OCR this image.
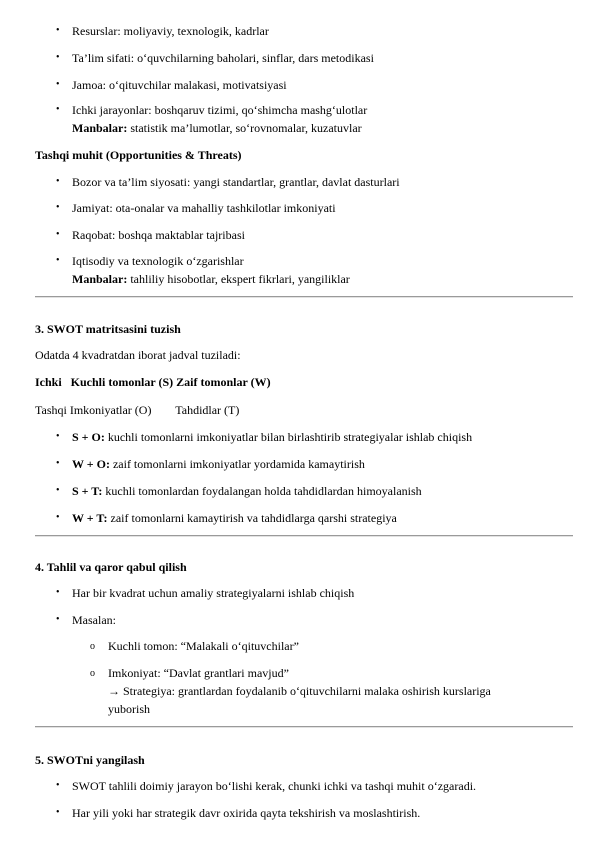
• Resurslar: moliyaviy, texnologik, kadrlar
• Ta’lim sifati: o‘quvchilarning baholari, sinflar, dars metodikasi
• Jamoa: o‘qituvchilar malakasi, motivatsiyasi
• Ichki jarayonlar: boshqaruv tizimi, qo‘shimcha mashg‘ulotlar
Manbalar: statistik ma’lumotlar, so‘rovnomalar, kuzatuvlar
Tashqi muhit (Opportunities & Threats)
• Bozor va ta’lim siyosati: yangi standartlar, grantlar, davlat dasturlari
• Jamiyat: ota-onalar va mahalliy tashkilotlar imkoniyati
• Raqobat: boshqa maktablar tajribasi
• Iqtisodiy va texnologik o‘zgarishlar
Manbalar: tahliliy hisobotlar, ekspert fikrlari, yangiliklar
3. SWOT matritsasini tuzish
Odatda 4 kvadratdan iborat jadval tuziladi:
Ichki   Kuchli tomonlar (S) Zaif tomonlar (W)
Tashqi Imkoniyatlar (O)        Tahdidlar (T)
• S + O: kuchli tomonlarni imkoniyatlar bilan birlashtirib strategiyalar ishlab chiqish
• W + O: zaif tomonlarni imkoniyatlar yordamida kamaytirish
• S + T: kuchli tomonlardan foydalangan holda tahdidlardan himoyalanish
• W + T: zaif tomonlarni kamaytirish va tahdidlarga qarshi strategiya
4. Tahlil va qaror qabul qilish
• Har bir kvadrat uchun amaliy strategiyalarni ishlab chiqish
• Masalan:
o Kuchli tomon: “Malakali o‘qituvchilar”
o Imkoniyat: “Davlat grantlari mavjud”
→ Strategiya: grantlardan foydalanib o‘qituvchilarni malaka oshirish kurslariga
yuborish
5. SWOTni yangilash
• SWOT tahlili doimiy jarayon bo‘lishi kerak, chunki ichki va tashqi muhit o‘zgaradi.
• Har yili yoki har strategik davr oxirida qayta tekshirish va moslashtirish.
